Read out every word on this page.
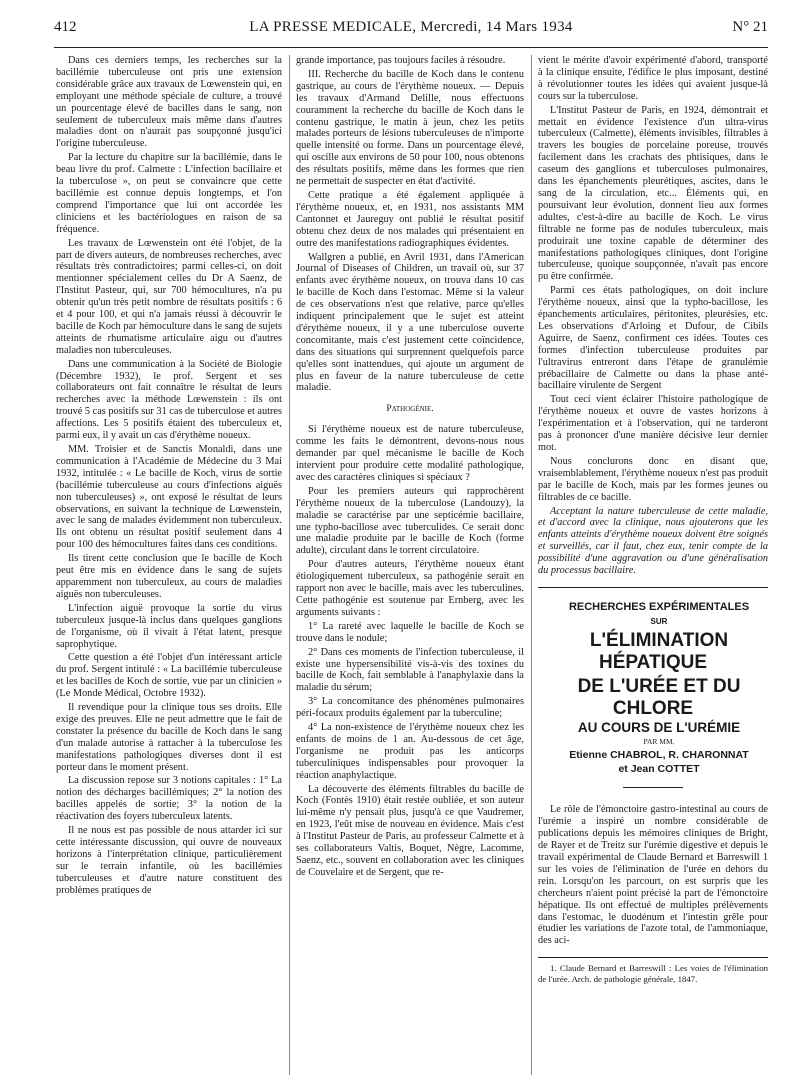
412	LA PRESSE MEDICALE, Mercredi, 14 Mars 1934	N° 21

Dans ces derniers temps, les recherches sur la bacillémie tuberculeuse ont pris une extension considérable grâce aux travaux de Lœwenstein qui, en employant une méthode spéciale de culture, a trouvé un pourcentage élevé de bacilles dans le sang, non seulement de tuberculeux mais même dans d'autres maladies dont on n'aurait pas soupçonné jusqu'ici l'origine tuberculeuse.

Par la lecture du chapitre sur la bacillémie, dans le beau livre du prof. Calmette : L'infection bacillaire et la tuberculose », on peut se convaincre que cette bacillémie est connue depuis longtemps, et l'on comprend l'importance que lui ont accordée les cliniciens et les bactériologues en raison de sa fréquence.

Les travaux de Lœwenstein ont été l'objet, de la part de divers auteurs, de nombreuses recherches, avec résultats très contradictoires; parmi celles-ci, on doit mentionner spécialement celles du Dr A Saenz, de l'Institut Pasteur, qui, sur 700 hémocultures, n'a pu obtenir qu'un très petit nombre de résultats positifs : 6 et 4 pour 100, et qui n'a jamais réussi à découvrir le bacille de Koch par hémoculture dans le sang de sujets atteints de rhumatisme articulaire aigu ou d'autres maladies non tuberculeuses.

Dans une communication à la Société de Biologie (Décembre 1932), le prof. Sergent et ses collaborateurs ont fait connaître le résultat de leurs recherches avec la méthode Lœwenstein : ils ont trouvé 5 cas positifs sur 31 cas de tuberculose et autres affections. Les 5 positifs étaient des tuberculeux et, parmi eux, il y avait un cas d'érythème noueux.

MM. Troisier et de Sanctis Monaldi, dans une communication à l'Académie de Médecine du 3 Mai 1932, intitulée : « Le bacille de Koch, virus de sortie (bacillémie tuberculeuse au cours d'infections aiguës non tuberculeuses) », ont exposé le résultat de leurs observations, en suivant la technique de Lœwenstein, avec le sang de malades évidemment non tuberculeux. Ils ont obtenu un résultat positif seulement dans 4 pour 100 des hémocultures faites dans ces conditions.

Ils tirent cette conclusion que le bacille de Koch peut être mis en évidence dans le sang de sujets apparemment non tuberculeux, au cours de maladies aiguës non tuberculeuses.

L'infection aiguë provoque la sortie du virus tuberculeux jusque-là inclus dans quelques ganglions de l'organisme, où il vivait à l'état latent, presque saprophytique.

Cette question a été l'objet d'un intéressant article du prof. Sergent intitulé : « La bacillémie tuberculeuse et les bacilles de Koch de sortie, vue par un clinicien » (Le Monde Médical, Octobre 1932).

Il revendique pour la clinique tous ses droits. Elle exige des preuves. Elle ne peut admettre que le fait de constater la présence du bacille de Koch dans le sang d'un malade autorise à rattacher à la tuberculose les manifestations pathologiques diverses dont il est porteur dans le moment présent.

La discussion repose sur 3 notions capitales : 1° La notion des décharges bacillémiques; 2° la notion des bacilles appelés de sortie; 3° la notion de la réactivation des foyers tuberculeux latents.

Il ne nous est pas possible de nous attarder ici sur cette intéressante discussion, qui ouvre de nouveaux horizons à l'interprétation clinique, particulièrement sur le terrain infantile, où les bacillémies tuberculeuses et d'autre nature constituent des problèmes pratiques de

grande importance, pas toujours faciles à résoudre.

III. Recherche du bacille de Koch dans le contenu gastrique, au cours de l'érythème noueux. — Depuis les travaux d'Armand Delille, nous effectuons couramment la recherche du bacille de Koch dans le contenu gastrique, le matin à jeun, chez les petits malades porteurs de lésions tuberculeuses de n'importe quelle intensité ou forme. Dans un pourcentage élevé, qui oscille aux environs de 50 pour 100, nous obtenons des résultats positifs, même dans les formes que rien ne permettait de suspecter en état d'activité.

Cette pratique a été également appliquée à l'érythème noueux, et, en 1931, nos assistants MM Cantonnet et Jaureguy ont publié le résultat positif obtenu chez deux de nos malades qui présentaient en outre des manifestations radiographiques évidentes.

Wallgren a publié, en Avril 1931, dans l'American Journal of Diseases of Children, un travail où, sur 37 enfants avec érythème noueux, on trouva dans 10 cas le bacille de Koch dans l'estomac. Même si la valeur de ces observations n'est que relative, parce qu'elles indiquent principalement que le sujet est atteint d'érythème noueux, il y a une tuberculose ouverte concomitante, mais c'est justement cette coïncidence, dans des situations qui surprennent quelquefois parce qu'elles sont inattendues, qui ajoute un argument de plus en faveur de la nature tuberculeuse de cette maladie.

Pathogénie.

Si l'érythème noueux est de nature tuberculeuse, comme les faits le démontrent, devons-nous nous demander par quel mécanisme le bacille de Koch intervient pour produire cette modalité pathologique, avec des caractères cliniques si spéciaux ?

Pour les premiers auteurs qui rapprochèrent l'érythème noueux de la tuberculose (Landouzy), la maladie se caractérise par une septicémie bacillaire, une typho-bacillose avec tuberculides. Ce serait donc une maladie produite par le bacille de Koch (forme adulte), circulant dans le torrent circulatoire.

Pour d'autres auteurs, l'érythème noueux étant étiologiquement tuberculeux, sa pathogénie serait en rapport non avec le bacille, mais avec les tuberculines. Cette pathogénie est soutenue par Ernberg, avec les arguments suivants :

1° La rareté avec laquelle le bacille de Koch se trouve dans le nodule;

2° Dans ces moments de l'infection tuberculeuse, il existe une hypersensibilité vis-à-vis des toxines du bacille de Koch, fait semblable à l'anaphylaxie dans la maladie du sérum;

3° La concomitance des phénomènes pulmonaires péri-focaux produits également par la tuberculine;

4° La non-existence de l'érythème noueux chez les enfants de moins de 1 an. Au-dessous de cet âge, l'organisme ne produit pas les anticorps tuberculiniques indispensables pour provoquer la réaction anaphylactique.

La découverte des éléments filtrables du bacille de Koch (Fontès 1910) était restée oubliée, et son auteur lui-même n'y pensait plus, jusqu'à ce que Vaudremer, en 1923, l'eût mise de nouveau en évidence. Mais c'est à l'Institut Pasteur de Paris, au professeur Calmette et à ses collaborateurs Valtis, Boquet, Nègre, Lacomme, Saenz, etc., souvent en collaboration avec les cliniques de Couvelaire et de Sergent, que re-

vient le mérite d'avoir expérimenté d'abord, transporté à la clinique ensuite, l'édifice le plus imposant, destiné à révolutionner toutes les idées qui avaient jusque-là cours sur la tuberculose.

L'Institut Pasteur de Paris, en 1924, démontrait et mettait en évidence l'existence d'un ultra-virus tuberculeux (Calmette), éléments invisibles, filtrables à travers les bougies de porcelaine poreuse, trouvés facilement dans les crachats des phtisiques, dans le caseum des ganglions et tuberculoses pulmonaires, dans les épanchements pleurétiques, ascites, dans le sang de la circulation, etc... Éléments qui, en poursuivant leur évolution, donnent lieu aux formes adultes, c'est-à-dire au bacille de Koch. Le virus filtrable ne forme pas de nodules tuberculeux, mais produirait une toxine capable de déterminer des manifestations pathologiques cliniques, dont l'origine tuberculeuse, quoique soupçonnée, n'avait pas encore pu être confirmée.

Parmi ces états pathologiques, on doit inclure l'érythème noueux, ainsi que la typho-bacillose, les épanchements articulaires, péritonites, pleurésies, etc. Les observations d'Arloing et Dufour, de Cibils Aguirre, de Saenz, confirment ces idées. Toutes ces formes d'infection tuberculeuse produites par l'ultravirus entreront dans l'étape de granulémie prébacillaire de Calmette ou dans la phase anté-bacillaire virulente de Sergent

Tout ceci vient éclairer l'histoire pathologique de l'érythème noueux et ouvre de vastes horizons à l'expérimentation et à l'observation, qui ne tarderont pas à prononcer d'une manière décisive leur dernier mot.

Nous conclurons donc en disant que, vraisemblablement, l'érythème noueux n'est pas produit par le bacille de Koch, mais par les formes jeunes ou filtrables de ce bacille.

Acceptant la nature tuberculeuse de cette maladie, et d'accord avec la clinique, nous ajouterons que les enfants atteints d'érythème noueux doivent être soignés et surveillés, car il faut, chez eux, tenir compte de la possibilité d'une aggravation ou d'une généralisation du processus bacillaire.

RECHERCHES EXPÉRIMENTALES

SUR

L'ÉLIMINATION HÉPATIQUE

DE L'URÉE ET DU CHLORE

AU COURS DE L'URÉMIE

PAR MM.

Etienne CHABROL, R. CHARONNAT

et Jean COTTET

Le rôle de l'émonctoire gastro-intestinal au cours de l'urémie a inspiré un nombre considérable de publications depuis les mémoires cliniques de Bright, de Rayer et de Treitz sur l'urémie digestive et depuis le travail expérimental de Claude Bernard et Barreswill 1 sur les voies de l'élimination de l'urée en dehors du rein. Lorsqu'on les parcourt, on est surpris que les chercheurs n'aient point précisé la part de l'émonctoire hépatique. Ils ont effectué de multiples prélèvements dans l'estomac, le duodénum et l'intestin grêle pour étudier les variations de l'azote total, de l'ammoniaque, des aci-

1. Claude Bernard et Barreswill : Les voies de l'élimination de l'urée. Arch. de pathologie générale, 1847.
